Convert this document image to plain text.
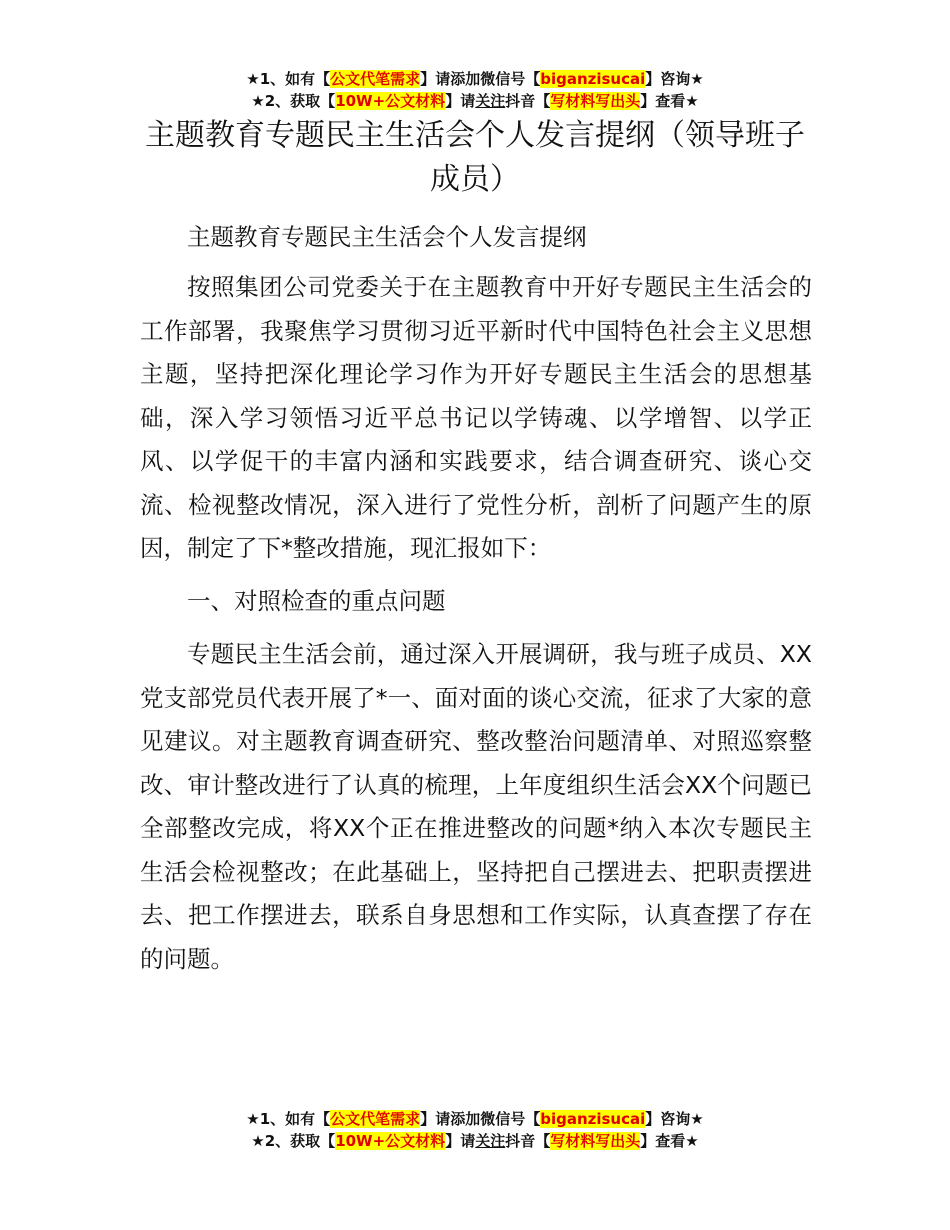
★1、如有【公文代笔需求】请添加微信号【biganzisucai】咨询★
★2、获取【10W+公文材料】请关注抖音【写材料写出头】查看★
主题教育专题民主生活会个人发言提纲（领导班子成员）

主题教育专题民主生活会个人发言提纲

按照集团公司党委关于在主题教育中开好专题民主生活会的工作部署，我聚焦学习贯彻习近平新时代中国特色社会主义思想主题，坚持把深化理论学习作为开好专题民主生活会的思想基础，深入学习领悟习近平总书记以学铸魂、以学增智、以学正风、以学促干的丰富内涵和实践要求，结合调查研究、谈心交流、检视整改情况，深入进行了党性分析，剖析了问题产生的原因，制定了下*整改措施，现汇报如下：

一、对照检查的重点问题

专题民主生活会前，通过深入开展调研，我与班子成员、XX党支部党员代表开展了*一、面对面的谈心交流，征求了大家的意见建议。对主题教育调查研究、整改整治问题清单、对照巡察整改、审计整改进行了认真的梳理，上年度组织生活会XX个问题已全部整改完成，将XX个正在推进整改的问题*纳入本次专题民主生活会检视整改；在此基础上，坚持把自己摆进去、把职责摆进去、把工作摆进去，联系自身思想和工作实际，认真查摆了存在的问题。

★1、如有【公文代笔需求】请添加微信号【biganzisucai】咨询★
★2、获取【10W+公文材料】请关注抖音【写材料写出头】查看★
